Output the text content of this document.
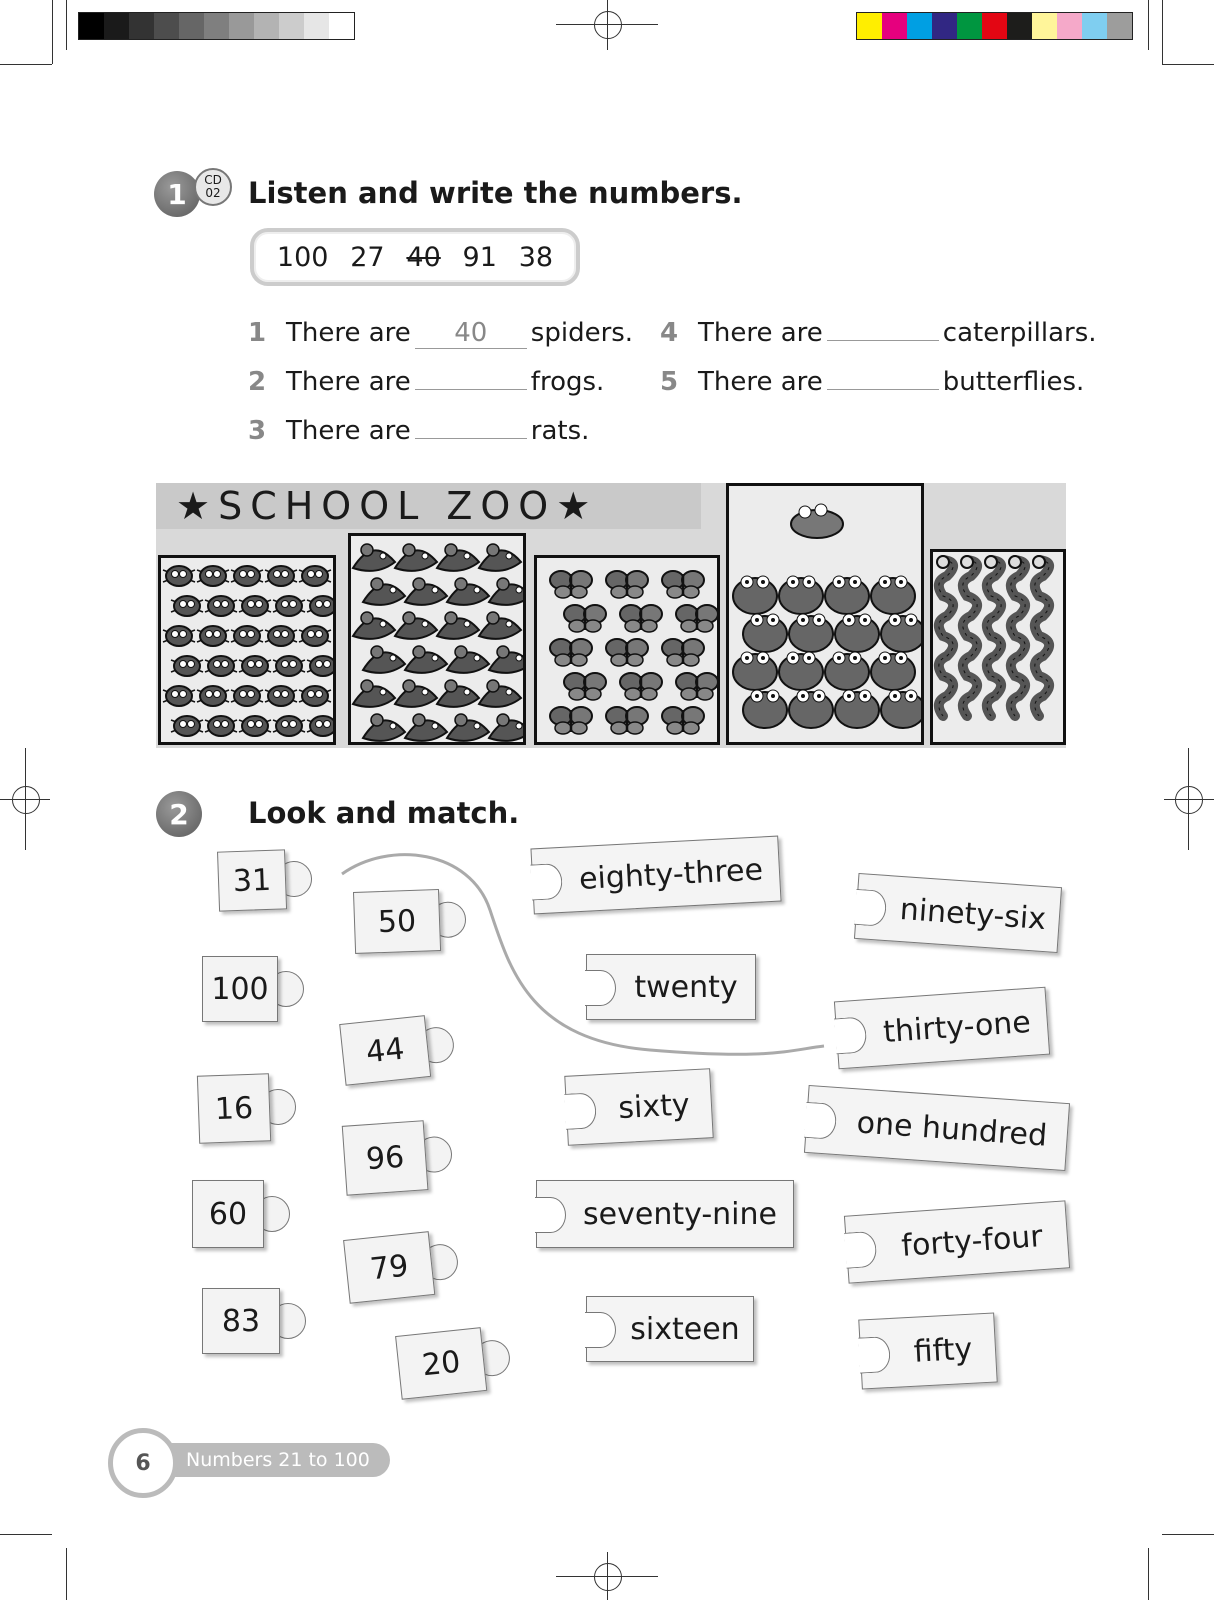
1	CD
02 Listen and write the numbers.
100 27 40 91 38
1 There are	40	spiders.
2 There are	frogs.
3 There are	rats.
4 There are	caterpillars.
5 There are	butterflies.
★SCHOOL ZOO★
2	Look and match.
31
50
100
44
16
96
60
79
83
20
eighty-three
ninety-six
twenty
thirty-one
sixty	one hundred
seventy-nine
forty-four
sixteen
fifty
Numbers 21 to 100
6
